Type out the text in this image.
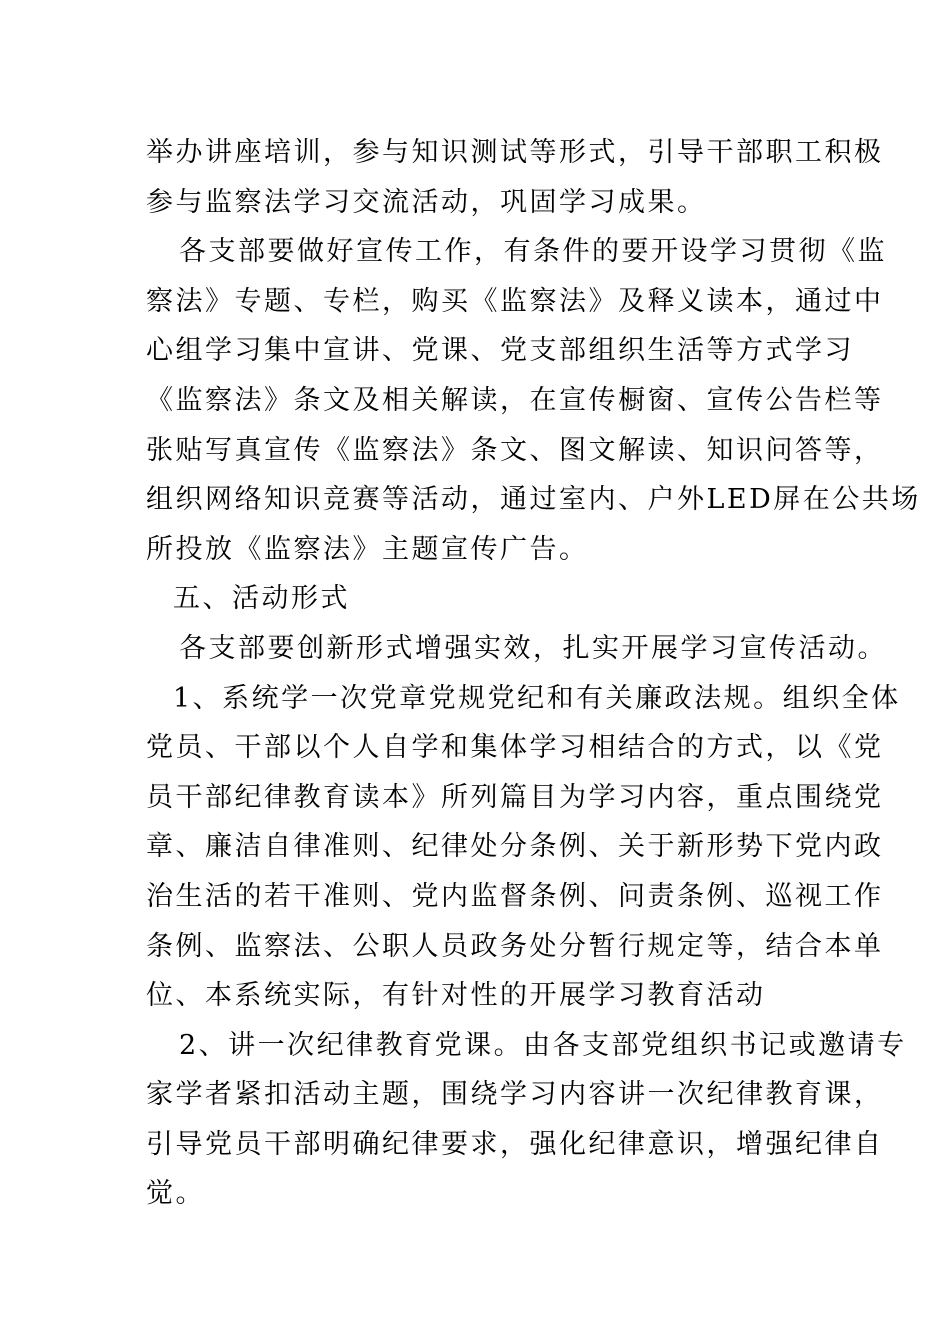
举办讲座培训，参与知识测试等形式，引导干部职工积极
参与监察法学习交流活动，巩固学习成果。
各支部要做好宣传工作，有条件的要开设学习贯彻《监
察法》专题、专栏，购买《监察法》及释义读本，通过中
心组学习集中宣讲、党课、党支部组织生活等方式学习
《监察法》条文及相关解读，在宣传橱窗、宣传公告栏等
张贴写真宣传《监察法》条文、图文解读、知识问答等，
组织网络知识竞赛等活动，通过室内、户外LED屏在公共场
所投放《监察法》主题宣传广告。
五、活动形式
各支部要创新形式增强实效，扎实开展学习宣传活动。
1、系统学一次党章党规党纪和有关廉政法规。组织全体
党员、干部以个人自学和集体学习相结合的方式，以《党
员干部纪律教育读本》所列篇目为学习内容，重点围绕党
章、廉洁自律准则、纪律处分条例、关于新形势下党内政
治生活的若干准则、党内监督条例、问责条例、巡视工作
条例、监察法、公职人员政务处分暂行规定等，结合本单
位、本系统实际，有针对性的开展学习教育活动
2、讲一次纪律教育党课。由各支部党组织书记或邀请专
家学者紧扣活动主题，围绕学习内容讲一次纪律教育课，
引导党员干部明确纪律要求，强化纪律意识，增强纪律自
觉。
